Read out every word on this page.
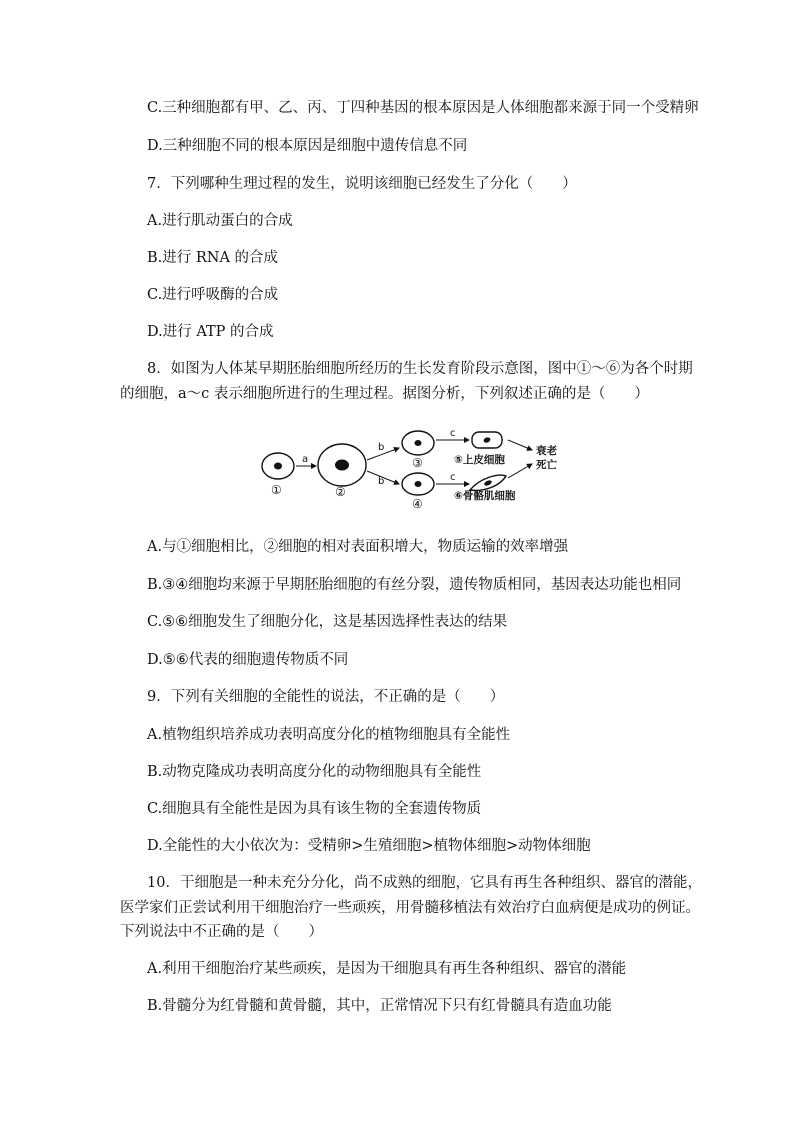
C.三种细胞都有甲、乙、丙、丁四种基因的根本原因是人体细胞都来源于同一个受精卵
D.三种细胞不同的根本原因是细胞中遗传信息不同
7．下列哪种生理过程的发生，说明该细胞已经发生了分化（　　）
A.进行肌动蛋白的合成
B.进行 RNA 的合成
C.进行呼吸酶的合成
D.进行 ATP 的合成
8．如图为人体某早期胚胎细胞所经历的生长发育阶段示意图，图中①～⑥为各个时期
的细胞，a～c 表示细胞所进行的生理过程。据图分析，下列叙述正确的是（　　）
①
a
②
b
b
③
④
c
c
⑤上皮细胞
⑥骨骼肌细胞
衰老
死亡
A.与①细胞相比，②细胞的相对表面积增大，物质运输的效率增强
B.③④细胞均来源于早期胚胎细胞的有丝分裂，遗传物质相同，基因表达功能也相同
C.⑤⑥细胞发生了细胞分化，这是基因选择性表达的结果
D.⑤⑥代表的细胞遗传物质不同
9．下列有关细胞的全能性的说法，不正确的是（　　）
A.植物组织培养成功表明高度分化的植物细胞具有全能性
B.动物克隆成功表明高度分化的动物细胞具有全能性
C.细胞具有全能性是因为具有该生物的全套遗传物质
D.全能性的大小依次为：受精卵>生殖细胞>植物体细胞>动物体细胞
10．干细胞是一种未充分分化，尚不成熟的细胞，它具有再生各种组织、器官的潜能，
医学家们正尝试利用干细胞治疗一些顽疾，用骨髓移植法有效治疗白血病便是成功的例证。
下列说法中不正确的是（　　）
A.利用干细胞治疗某些顽疾，是因为干细胞具有再生各种组织、器官的潜能
B.骨髓分为红骨髓和黄骨髓，其中，正常情况下只有红骨髓具有造血功能
